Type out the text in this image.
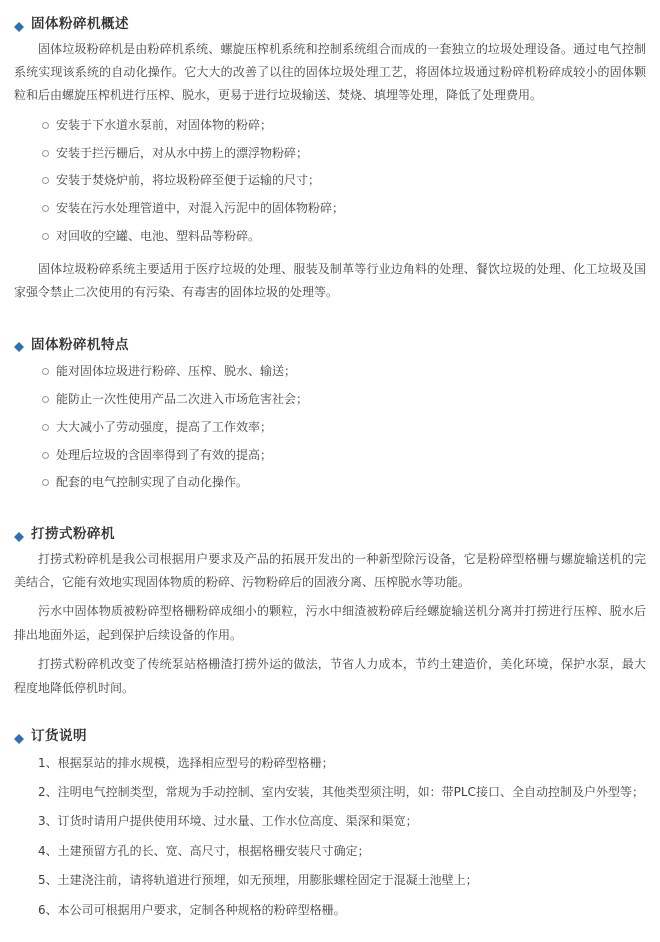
固体粉碎机概述

固体垃圾粉碎机是由粉碎机系统、螺旋压榨机系统和控制系统组合而成的一套独立的垃圾处理设备。通过电气控制系统实现该系统的自动化操作。它大大的改善了以往的固体垃圾处理工艺，将固体垃圾通过粉碎机粉碎成较小的固体颗粒和后由螺旋压榨机进行压榨、脱水，更易于进行垃圾输送、焚烧、填埋等处理，降低了处理费用。

安装于下水道水泵前，对固体物的粉碎；
安装于拦污栅后，对从水中捞上的漂浮物粉碎；
安装于焚烧炉前，将垃圾粉碎至便于运输的尺寸；
安装在污水处理管道中，对混入污泥中的固体物粉碎；
对回收的空罐、电池、塑料品等粉碎。

固体垃圾粉碎系统主要适用于医疗垃圾的处理、服装及制革等行业边角料的处理、餐饮垃圾的处理、化工垃圾及国家强令禁止二次使用的有污染、有毒害的固体垃圾的处理等。

固体粉碎机特点
能对固体垃圾进行粉碎、压榨、脱水、输送；
能防止一次性使用产品二次进入市场危害社会；
大大减小了劳动强度，提高了工作效率；
处理后垃圾的含固率得到了有效的提高；
配套的电气控制实现了自动化操作。
打捞式粉碎机

打捞式粉碎机是我公司根据用户要求及产品的拓展开发出的一种新型除污设备，它是粉碎型格栅与螺旋输送机的完美结合，它能有效地实现固体物质的粉碎、污物粉碎后的固液分离、压榨脱水等功能。

污水中固体物质被粉碎型格栅粉碎成细小的颗粒，污水中细渣被粉碎后经螺旋输送机分离并打捞进行压榨、脱水后排出地面外运，起到保护后续设备的作用。

打捞式粉碎机改变了传统泵站格栅渣打捞外运的做法，节省人力成本，节约土建造价，美化环境，保护水泵，最大程度地降低停机时间。

订货说明
1、根据泵站的排水规模，选择相应型号的粉碎型格栅；
2、注明电气控制类型，常规为手动控制、室内安装，其他类型须注明，如：带PLC接口、全自动控制及户外型等；
3、订货时请用户提供使用环境、过水量、工作水位高度、渠深和渠宽；
4、土建预留方孔的长、宽、高尺寸，根据格栅安装尺寸确定；
5、土建浇注前，请将轨道进行预埋，如无预埋，用膨胀螺栓固定于混凝土池壁上；
6、本公司可根据用户要求，定制各种规格的粉碎型格栅。
